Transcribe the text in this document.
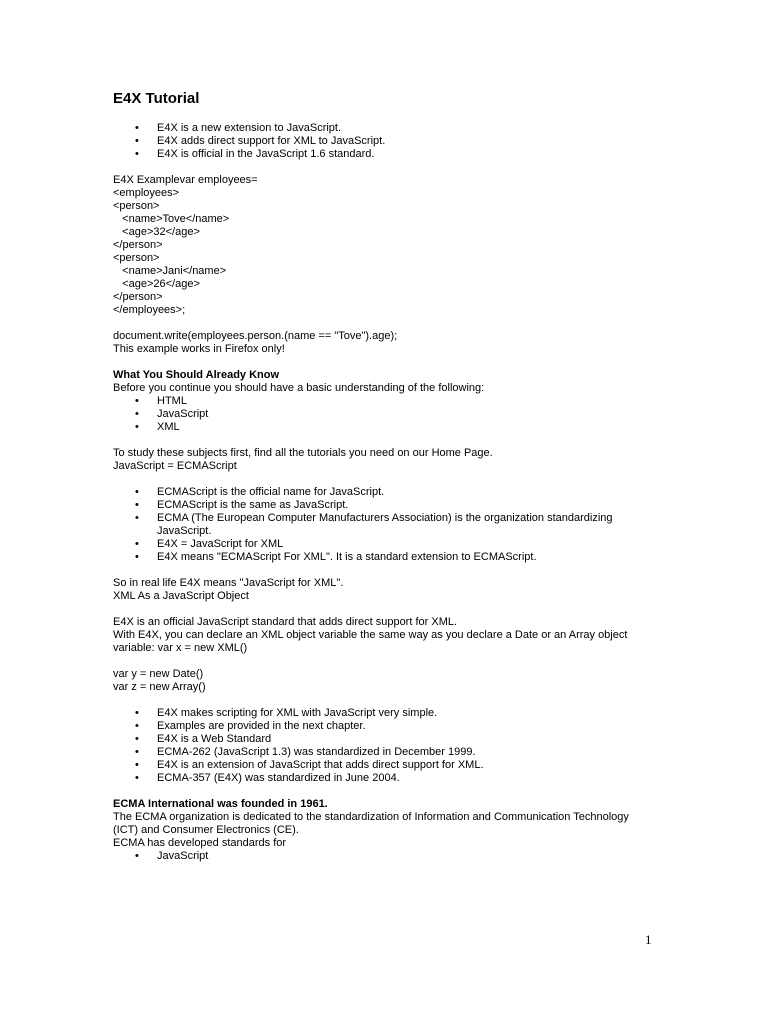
E4X Tutorial
• E4X is a new extension to JavaScript.
• E4X adds direct support for XML to JavaScript.
• E4X is official in the JavaScript 1.6 standard.
E4X Examplevar employees=
<employees>
<person>
<name>Tove</name>
<age>32</age>
</person>
<person>
<name>Jani</name>
<age>26</age>
</person>
</employees>;
document.write(employees.person.(name == "Tove").age);
This example works in Firefox only!
What You Should Already Know
Before you continue you should have a basic understanding of the following:
• HTML
• JavaScript
• XML
To study these subjects first, find all the tutorials you need on our Home Page.
JavaScript = ECMAScript
• ECMAScript is the official name for JavaScript.
• ECMAScript is the same as JavaScript.
• ECMA (The European Computer Manufacturers Association) is the organization standardizing JavaScript.
• E4X = JavaScript for XML
• E4X means "ECMAScript For XML". It is a standard extension to ECMAScript.
So in real life E4X means "JavaScript for XML".
XML As a JavaScript Object
E4X is an official JavaScript standard that adds direct support for XML.
With E4X, you can declare an XML object variable the same way as you declare a Date or an Array object
variable: var x = new XML()
var y = new Date()
var z = new Array()
• E4X makes scripting for XML with JavaScript very simple.
• Examples are provided in the next chapter.
• E4X is a Web Standard
• ECMA-262 (JavaScript 1.3) was standardized in December 1999.
• E4X is an extension of JavaScript that adds direct support for XML.
• ECMA-357 (E4X) was standardized in June 2004.
ECMA International was founded in 1961.
The ECMA organization is dedicated to the standardization of Information and Communication Technology
(ICT) and Consumer Electronics (CE).
ECMA has developed standards for
• JavaScript
1
